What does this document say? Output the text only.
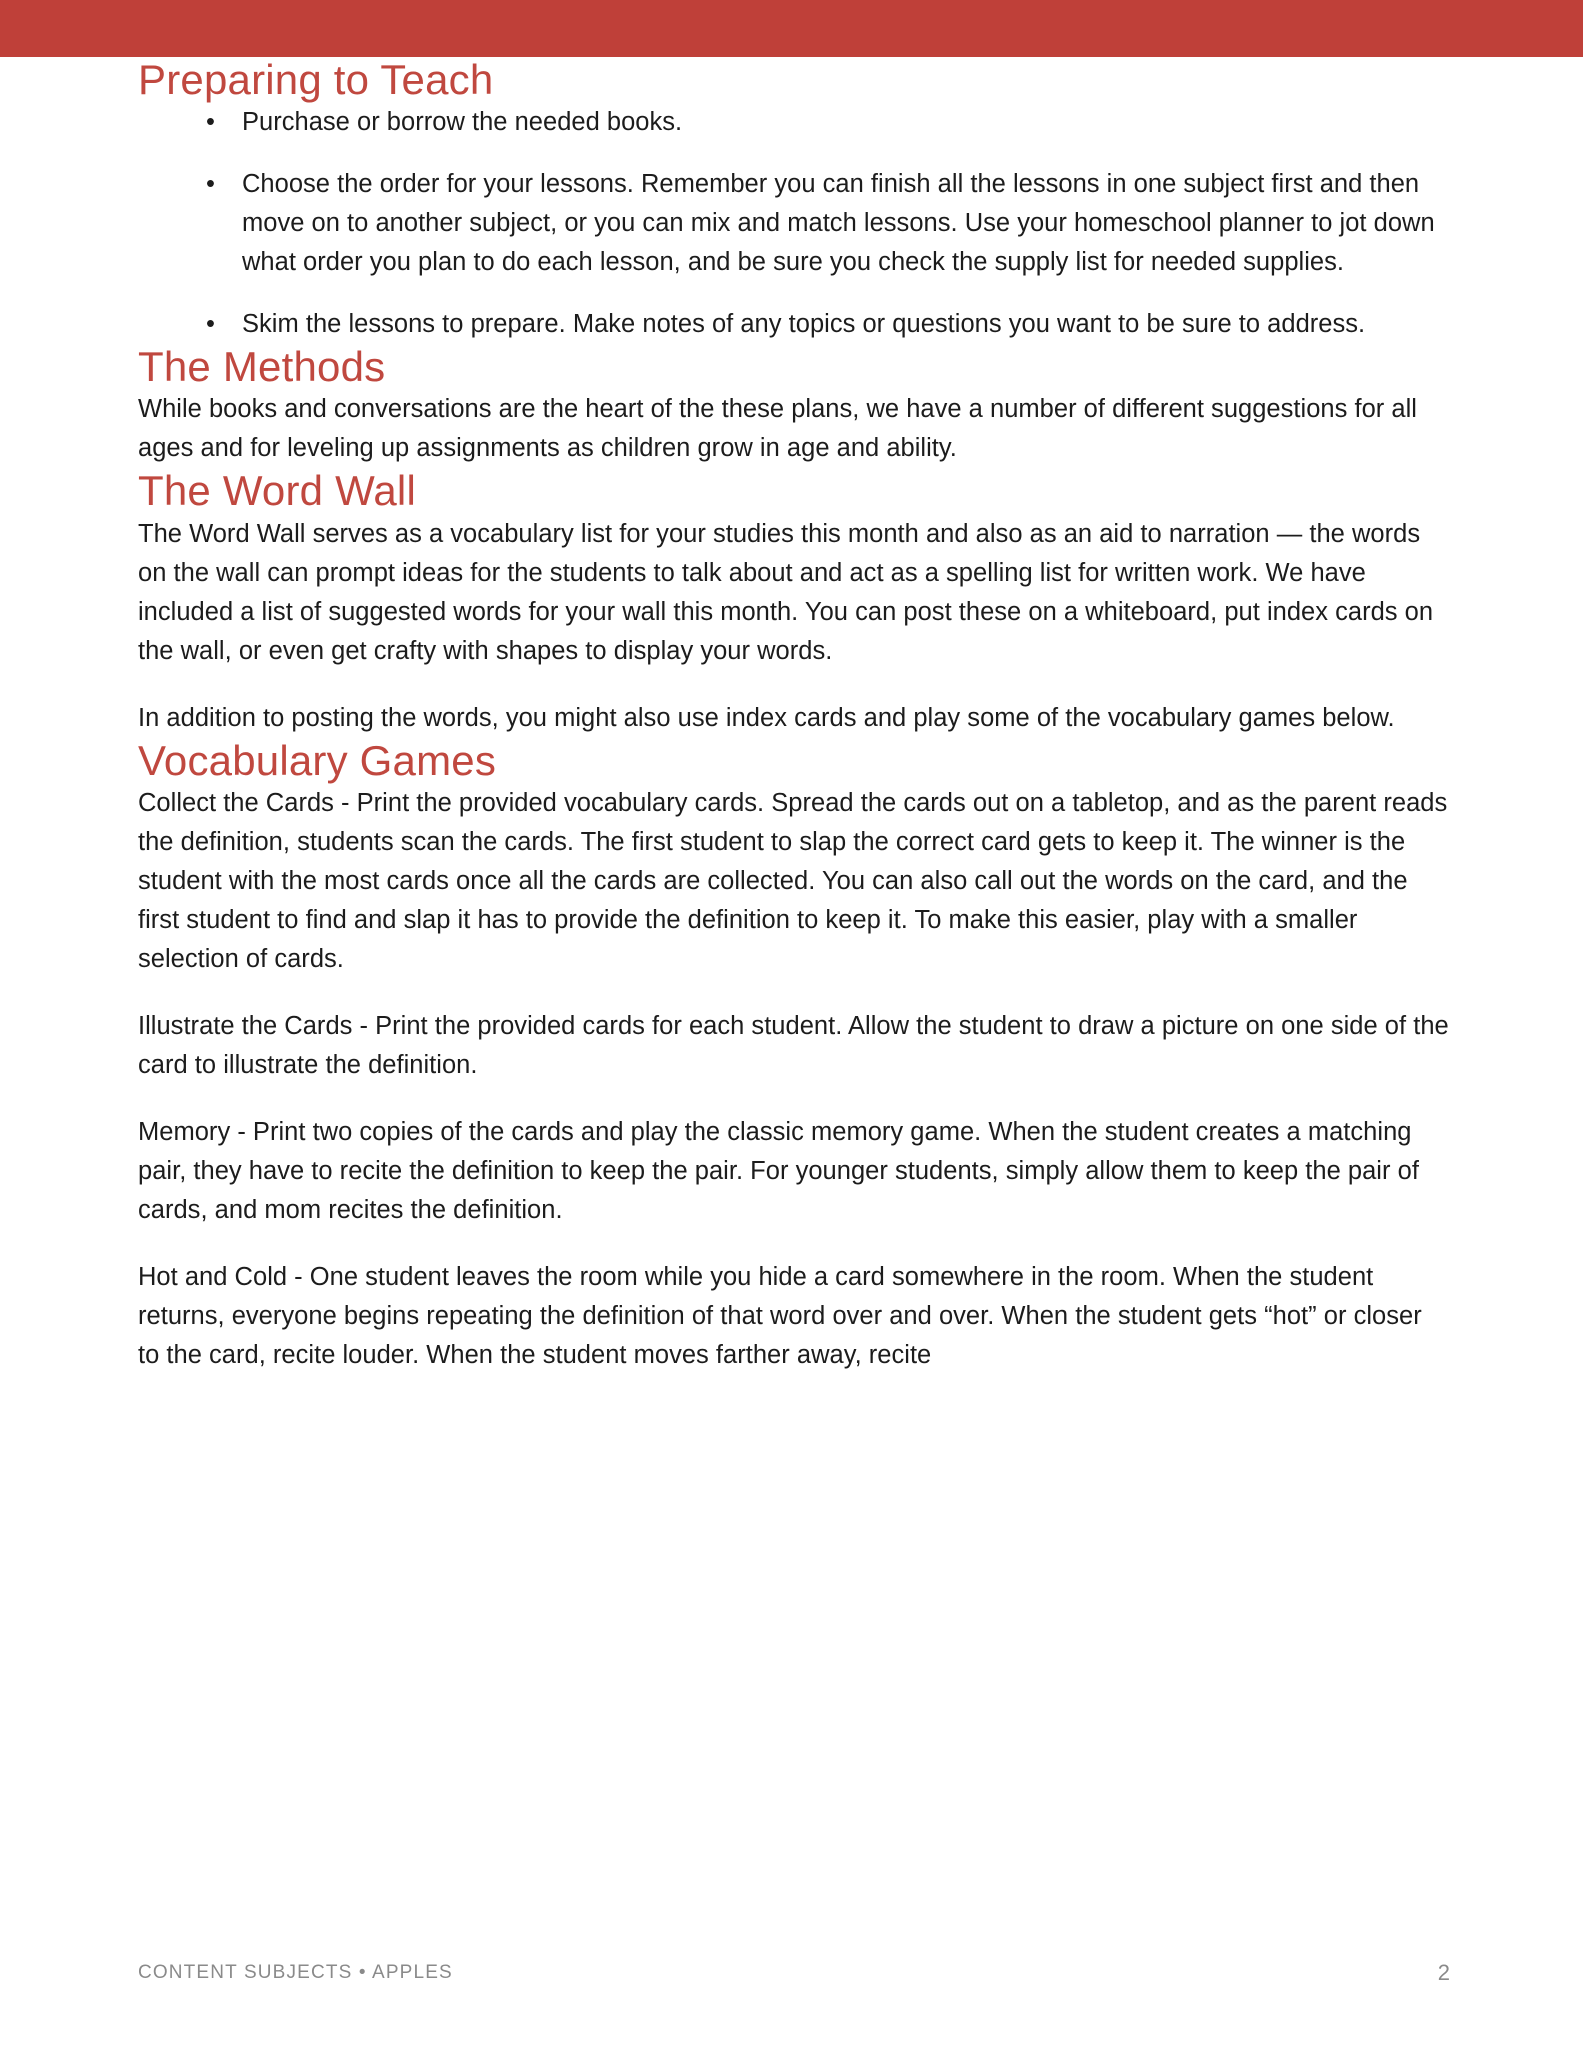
Preparing to Teach
• Purchase or borrow the needed books.
• Choose the order for your lessons. Remember you can finish all the lessons in one subject first and then move on to another subject, or you can mix and match lessons. Use your homeschool planner to jot down what order you plan to do each lesson, and be sure you check the supply list for needed supplies.
• Skim the lessons to prepare. Make notes of any topics or questions you want to be sure to address.
The Methods

While books and conversations are the heart of the these plans, we have a number of different suggestions for all ages and for leveling up assignments as children grow in age and ability.

The Word Wall

The Word Wall serves as a vocabulary list for your studies this month and also as an aid to narration — the words on the wall can prompt ideas for the students to talk about and act as a spelling list for written work. We have included a list of suggested words for your wall this month. You can post these on a whiteboard, put index cards on the wall, or even get crafty with shapes to display your words.

In addition to posting the words, you might also use index cards and play some of the vocabulary games below.

Vocabulary Games

Collect the Cards - Print the provided vocabulary cards. Spread the cards out on a tabletop, and as the parent reads the definition, students scan the cards. The first student to slap the correct card gets to keep it. The winner is the student with the most cards once all the cards are collected. You can also call out the words on the card, and the first student to find and slap it has to provide the definition to keep it. To make this easier, play with a smaller selection of cards.

Illustrate the Cards - Print the provided cards for each student. Allow the student to draw a picture on one side of the card to illustrate the definition.

Memory - Print two copies of the cards and play the classic memory game. When the student creates a matching pair, they have to recite the definition to keep the pair. For younger students, simply allow them to keep the pair of cards, and mom recites the definition.

Hot and Cold - One student leaves the room while you hide a card somewhere in the room. When the student returns, everyone begins repeating the definition of that word over and over. When the student gets “hot” or closer to the card, recite louder. When the student moves farther away, recite

CONTENT SUBJECTS • APPLES	2
